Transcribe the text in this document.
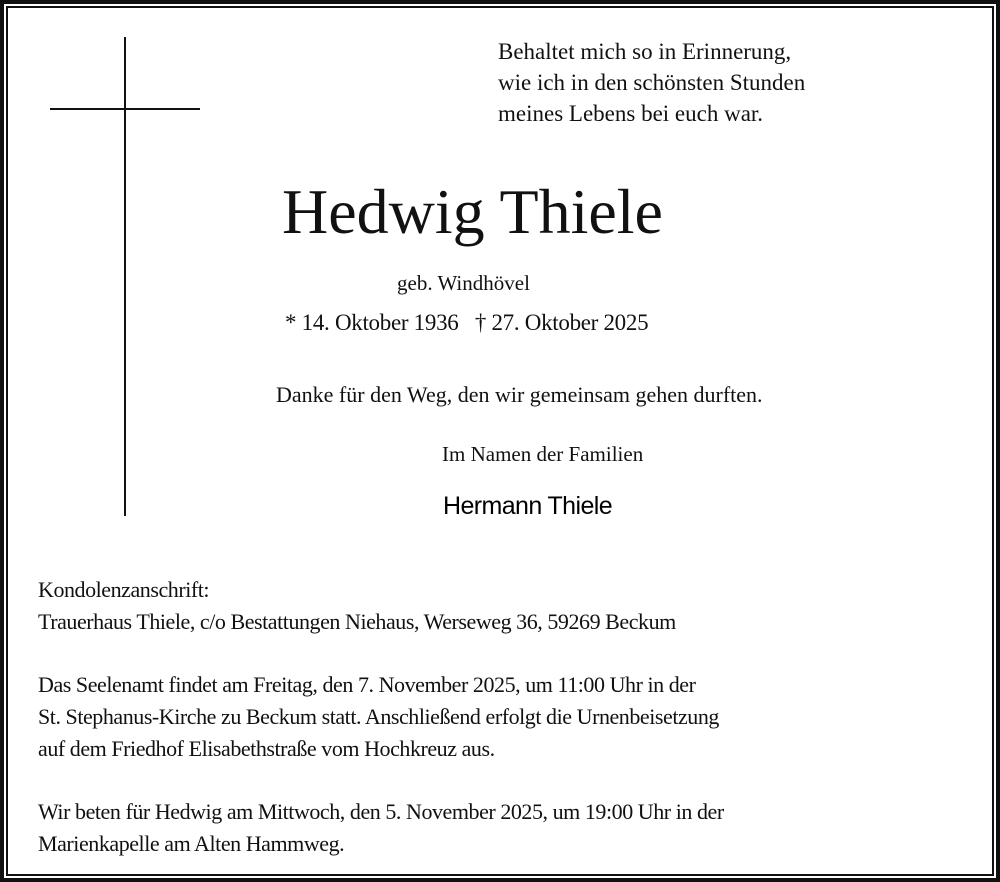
Behaltet mich so in Erinnerung,
wie ich in den schönsten Stunden
meines Lebens bei euch war.
Hedwig Thiele
geb. Windhövel
* 14. Oktober 1936   † 27. Oktober 2025
Danke für den Weg, den wir gemeinsam gehen durften.
Im Namen der Familien
Hermann Thiele
Kondolenzanschrift:
Trauerhaus Thiele, c/o Bestattungen Niehaus, Werseweg 36, 59269 Beckum
Das Seelenamt findet am Freitag, den 7. November 2025, um 11:00 Uhr in der
St. Stephanus-Kirche zu Beckum statt. Anschließend erfolgt die Urnenbeisetzung
auf dem Friedhof Elisabethstraße vom Hochkreuz aus.
Wir beten für Hedwig am Mittwoch, den 5. November 2025, um 19:00 Uhr in der
Marienkapelle am Alten Hammweg.
